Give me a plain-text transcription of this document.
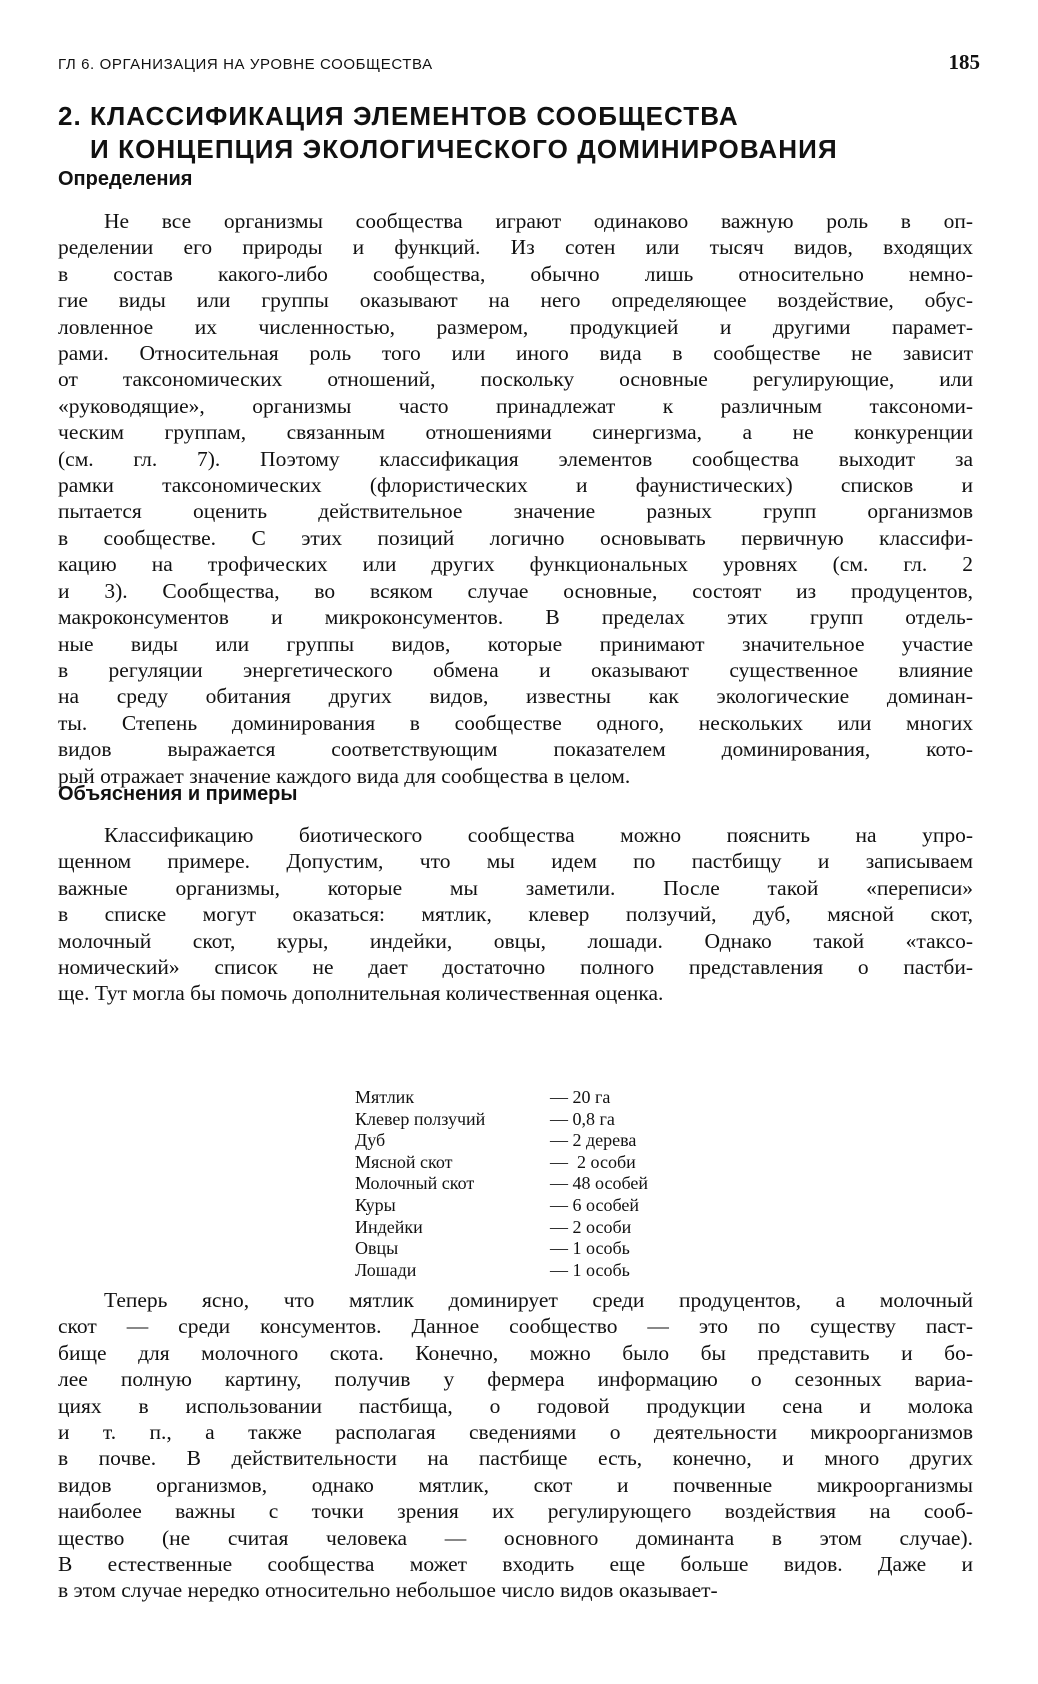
ГЛ 6. ОРГАНИЗАЦИЯ НА УРОВНЕ СООБЩЕСТВА	185
2. КЛАССИФИКАЦИЯ ЭЛЕМЕНТОВ СООБЩЕСТВА
И КОНЦЕПЦИЯ ЭКОЛОГИЧЕСКОГО ДОМИНИРОВАНИЯ
Определения
Не все организмы сообщества играют одинаково важную роль в оп-
ределении его природы и функций. Из сотен или тысяч видов, входящих
в состав какого-либо сообщества, обычно лишь относительно немно-
гие виды или группы оказывают на него определяющее воздействие, обус-
ловленное их численностью, размером, продукцией и другими парамет-
рами. Относительная роль того или иного вида в сообществе не зависит
от таксономических отношений, поскольку основные регулирующие, или
«руководящие», организмы часто принадлежат к различным таксономи-
ческим группам, связанным отношениями синергизма, а не конкуренции
(см. гл. 7). Поэтому классификация элементов сообщества выходит за
рамки таксономических (флористических и фаунистических) списков и
пытается оценить действительное значение разных групп организмов
в сообществе. С этих позиций логично основывать первичную классифи-
кацию на трофических или других функциональных уровнях (см. гл. 2
и 3). Сообщества, во всяком случае основные, состоят из продуцентов,
макроконсументов и микроконсументов. В пределах этих групп отдель-
ные виды или группы видов, которые принимают значительное участие
в регуляции энергетического обмена и оказывают существенное влияние
на среду обитания других видов, известны как экологические доминан-
ты. Степень доминирования в сообществе одного, нескольких или многих
видов выражается соответствующим показателем доминирования, кото-
рый отражает значение каждого вида для сообщества в целом.
Объяснения и примеры
Классификацию биотического сообщества можно пояснить на упро-
щенном примере. Допустим, что мы идем по пастбищу и записываем
важные организмы, которые мы заметили. После такой «переписи»
в списке могут оказаться: мятлик, клевер ползучий, дуб, мясной скот,
молочный скот, куры, индейки, овцы, лошади. Однако такой «таксо-
номический» список не дает достаточно полного представления о пастби-
ще. Тут могла бы помочь дополнительная количественная оценка.
Мятлик	— 20 га
Клевер ползучий	— 0,8 га
Дуб	— 2 дерева
Мясной скот	—  2 особи
Молочный скот	— 48 особей
Куры	— 6 особей
Индейки	— 2 особи
Овцы	— 1 особь
Лошади	— 1 особь
Теперь ясно, что мятлик доминирует среди продуцентов, а молочный
скот — среди консументов. Данное сообщество — это по существу паст-
бище для молочного скота. Конечно, можно было бы представить и бо-
лее полную картину, получив у фермера информацию о сезонных вариа-
циях в использовании пастбища, о годовой продукции сена и молока
и т. п., а также располагая сведениями о деятельности микроорганизмов
в почве. В действительности на пастбище есть, конечно, и много других
видов организмов, однако мятлик, скот и почвенные микроорганизмы
наиболее важны с точки зрения их регулирующего воздействия на сооб-
щество (не считая человека — основного доминанта в этом случае).
В естественные сообщества может входить еще больше видов. Даже и
в этом случае нередко относительно небольшое число видов оказывает-
